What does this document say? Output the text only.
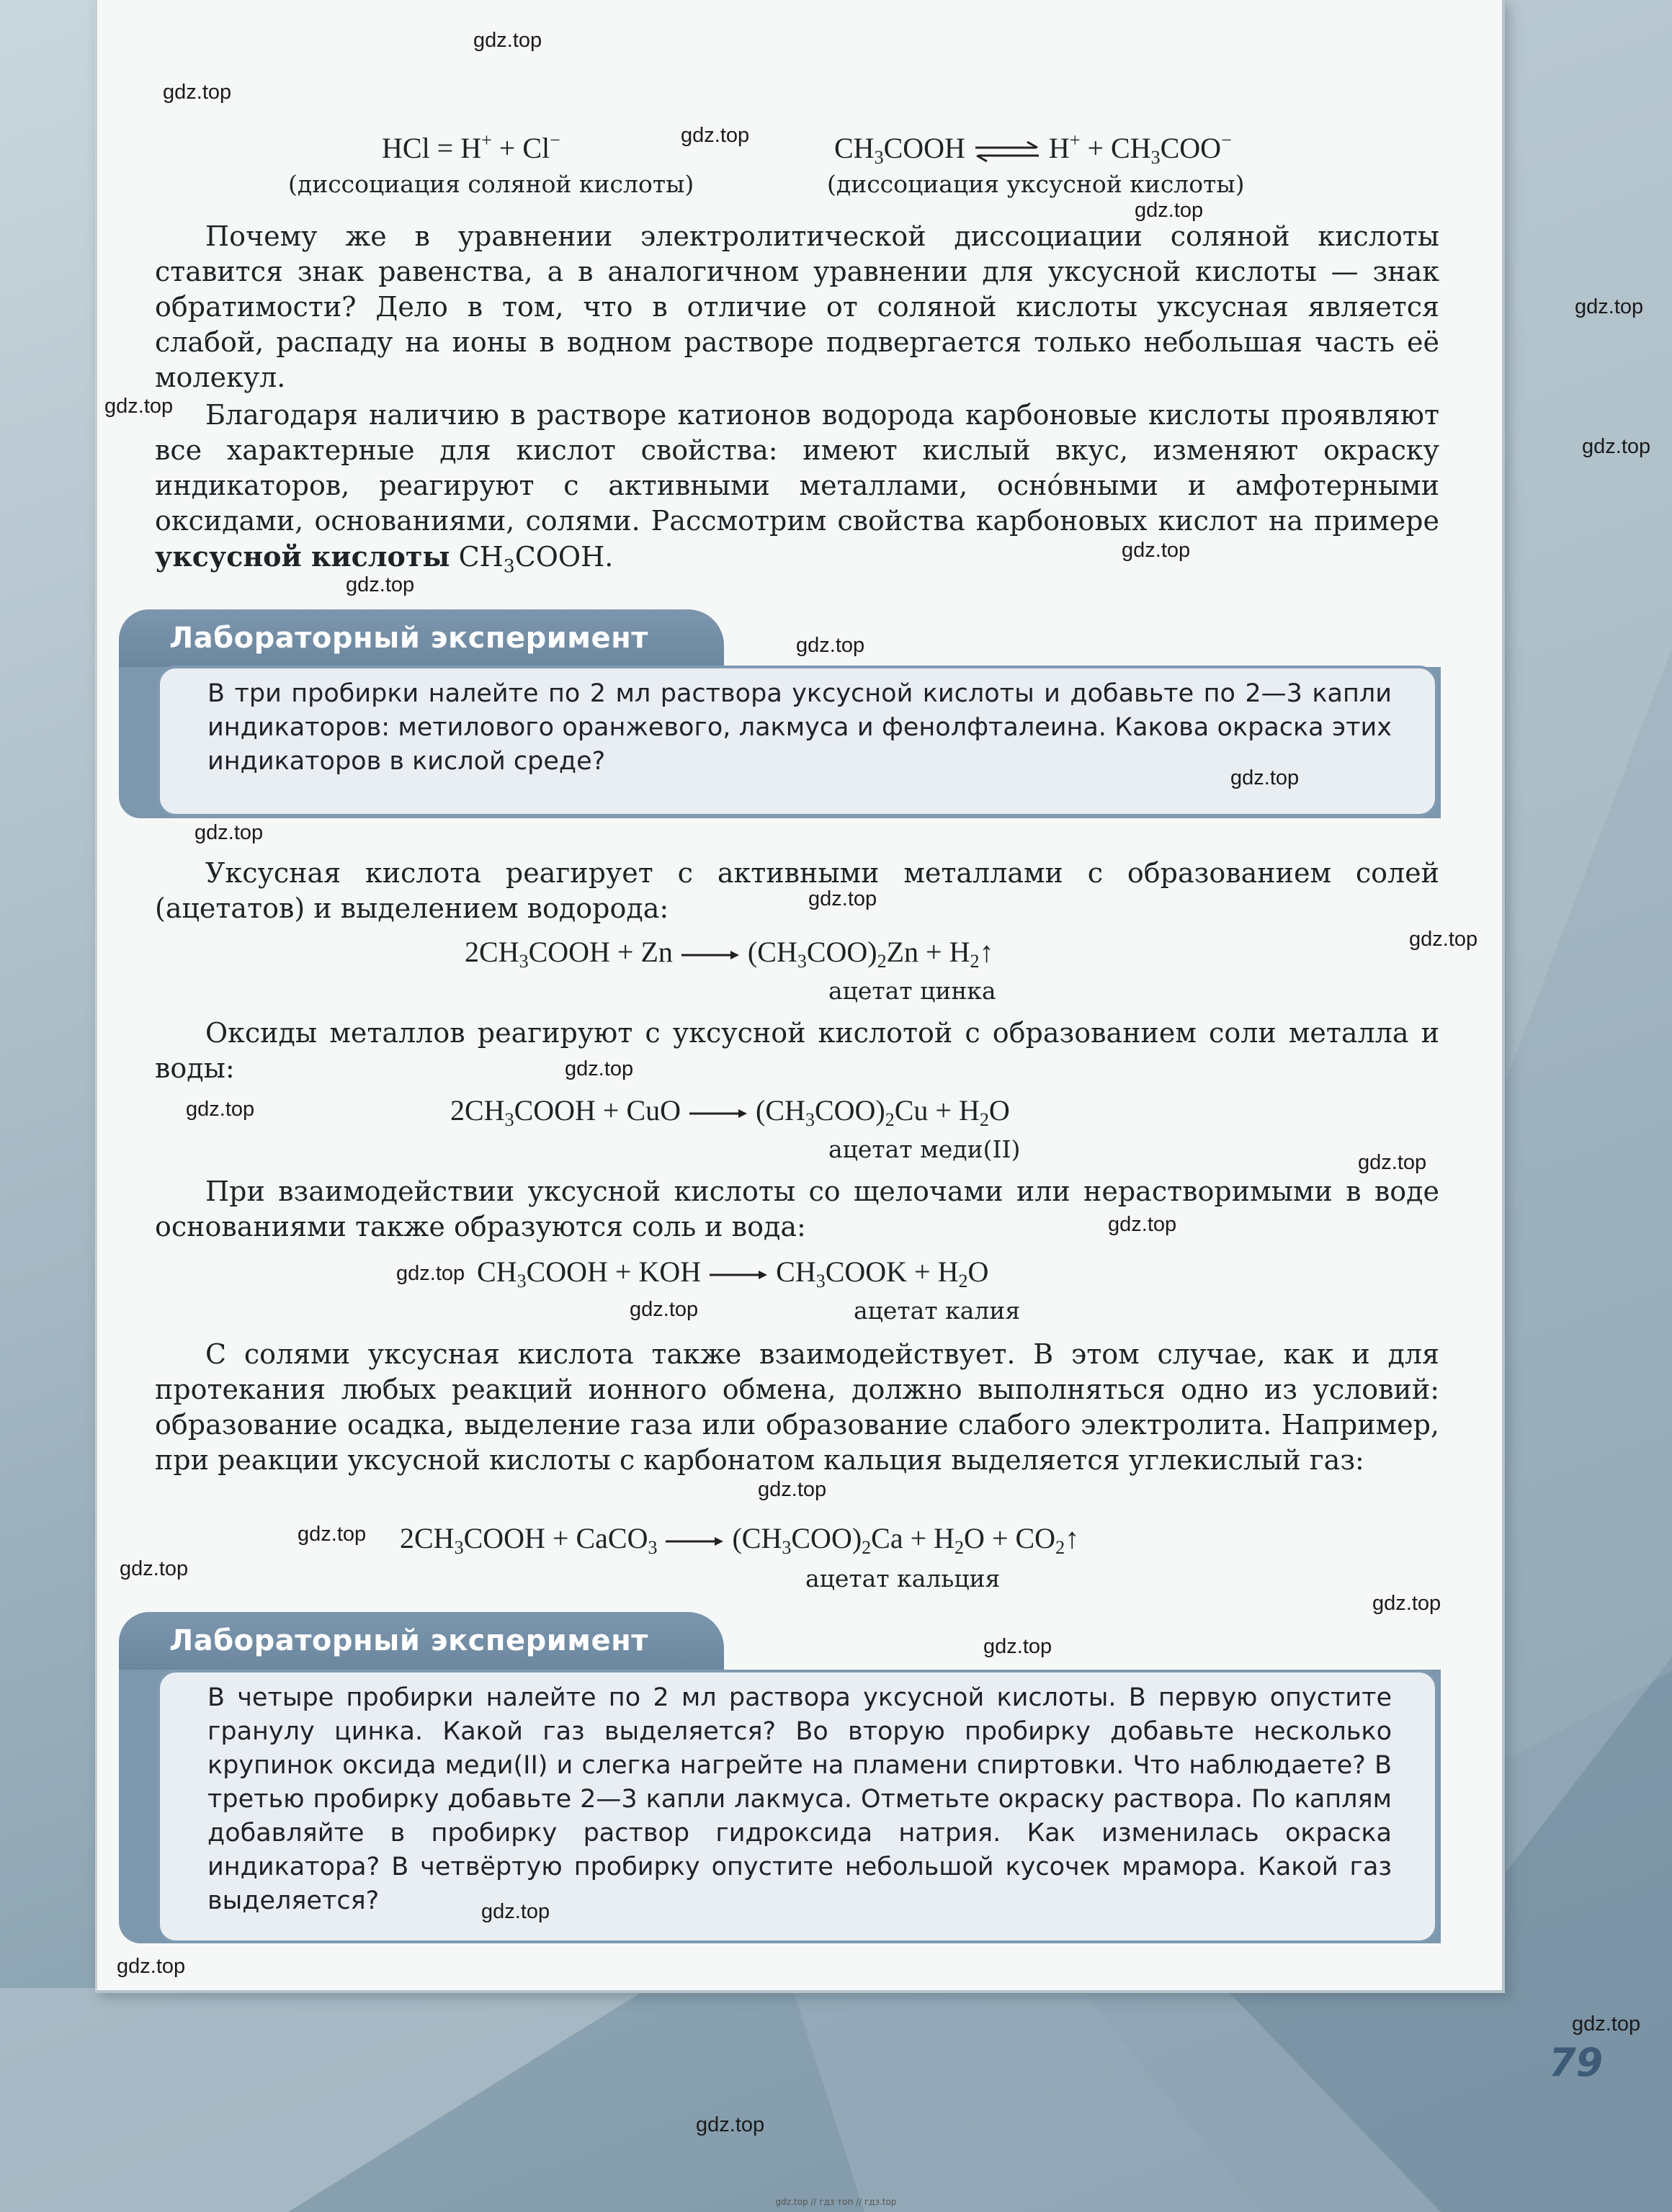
HCl = H+ + Cl−
(диссоциация соляной кислоты)
$CH_3COOH$ ⇌ $H^+ + CH_3COO^-$
(диссоциация уксусной кислоты)

Почему же в уравнении электролитической диссоциации соляной кислоты ставится знак равенства, а в аналогичном уравнении для уксусной кислоты — знак обратимости? Дело в том, что в отличие от соляной кислоты уксусная является слабой, распаду на ионы в водном растворе подвергается только небольшая часть её молекул.

Благодаря наличию в растворе катионов водорода карбоновые кислоты проявляют все характерные для кислот свойства: имеют кислый вкус, изменяют окраску индикаторов, реагируют с активными металлами, осно́вными и амфотерными оксидами, основаниями, солями. Рассмотрим свойства карбоновых кислот на примере уксусной кислоты $CH_3COOH$.

Лабораторный эксперимент
В три пробирки налейте по 2 мл раствора уксусной кислоты и добавьте по 2—3 капли индикаторов: метилового оранжевого, лакмуса и фенолфталеина. Какова окраска этих индикаторов в кислой среде?

Уксусная кислота реагирует с активными металлами с образованием солей (ацетатов) и выделением водорода:

$2CH_3COOH + Zn \to (CH_3COO)_2Zn$ + $H_2↑$
ацетат цинка

Оксиды металлов реагируют с уксусной кислотой с образованием соли металла и воды:

$2CH_3COOH$ + CuO → $(CH_3COO)_2Cu + H_2O$
ацетат меди(II)

При взаимодействии уксусной кислоты со щелочами или нерастворимыми в воде основаниями также образуются соль и вода:

$CH_3COOH$ + KOH → $CH_3COOK + H_2O$
ацетат калия

С солями уксусная кислота также взаимодействует. В этом случае, как и для протекания любых реакций ионного обмена, должно выполняться одно из условий: образование осадка, выделение газа или образование слабого электролита. Например, при реакции уксусной кислоты с карбонатом кальция выделяется углекислый газ:

$2CH_3COOH$ + CaCO$_3$ → $(CH_3COO)_2Ca + H_2O$ + $CO_2↑$
ацетат кальция
Лабораторный эксперимент
В четыре пробирки налейте по 2 мл раствора уксусной кислоты. В первую опустите гранулу цинка. Какой газ выделяется? Во вторую пробирку добавьте несколько крупинок оксида меди(II) и слегка нагрейте на пламени спиртовки. Что наблюдаете? В третью пробирку добавьте 2—3 капли лакмуса. Отметьте окраску раствора. По каплям добавляйте в пробирку раствор гидроксида натрия. Как изменилась окраска индикатора? В четвёртую пробирку опустите небольшой кусочек мрамора. Какой газ выделяется?
79
gdz.top
gdz.top
gdz.top
gdz.top
gdz.top
gdz.top
gdz.top
gdz.top
gdz.top
gdz.top
gdz.top
gdz.top
gdz.top
gdz.top
gdz.top
gdz.top
gdz.top
gdz.top
gdz.top
gdz.top
gdz.top
gdz.top
gdz.top
gdz.top
gdz.top
gdz.top
gdz.top
gdz.top
gdz.top
gdz.top // гдз топ // гдз.top
